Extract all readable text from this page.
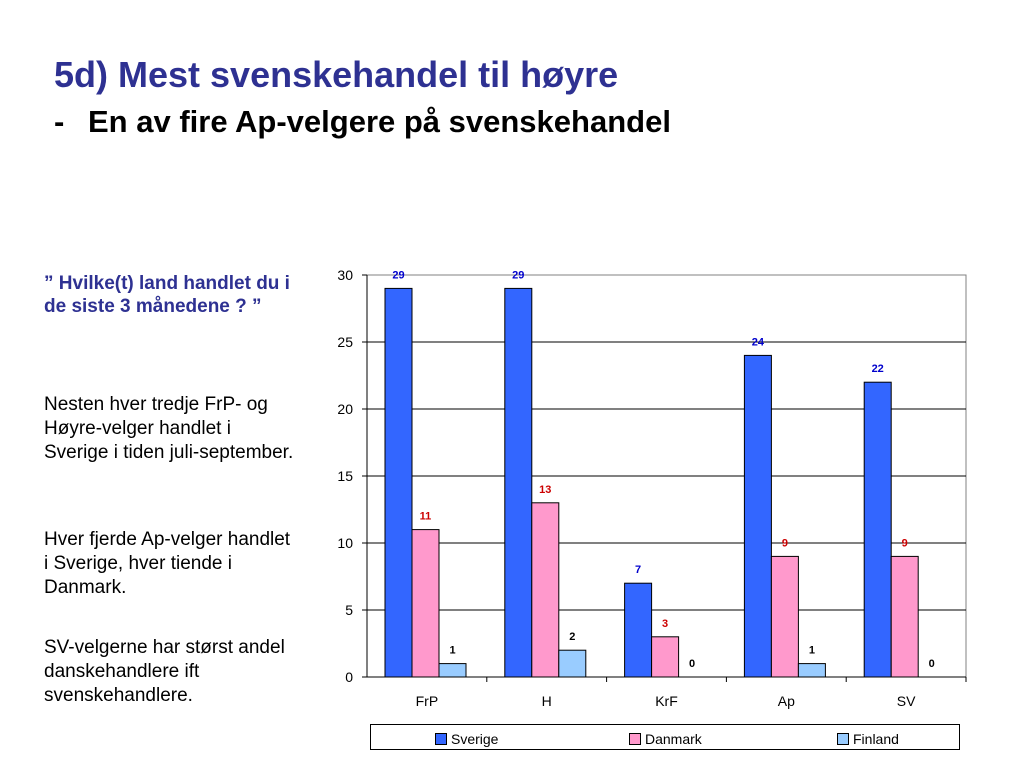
5d) Mest svenskehandel til høyre
- En av fire Ap-velgere på svenskehandel
” Hvilke(t) land handlet du i de siste 3 månedene ? ”
Nesten hver tredje FrP- og Høyre-velger handlet i Sverige i tiden juli-september.
Hver fjerde Ap-velger handlet i Sverige, hver tiende i Danmark.
SV-velgerne har størst andel danskehandlere ift svenskehandlere.
0
5
10
15
20
25
30
FrP
29
11
1
H
29
13
2
KrF
7
3
0
Ap
24
9
1
SV
22
9
0
Sverige	Danmark	Finland
